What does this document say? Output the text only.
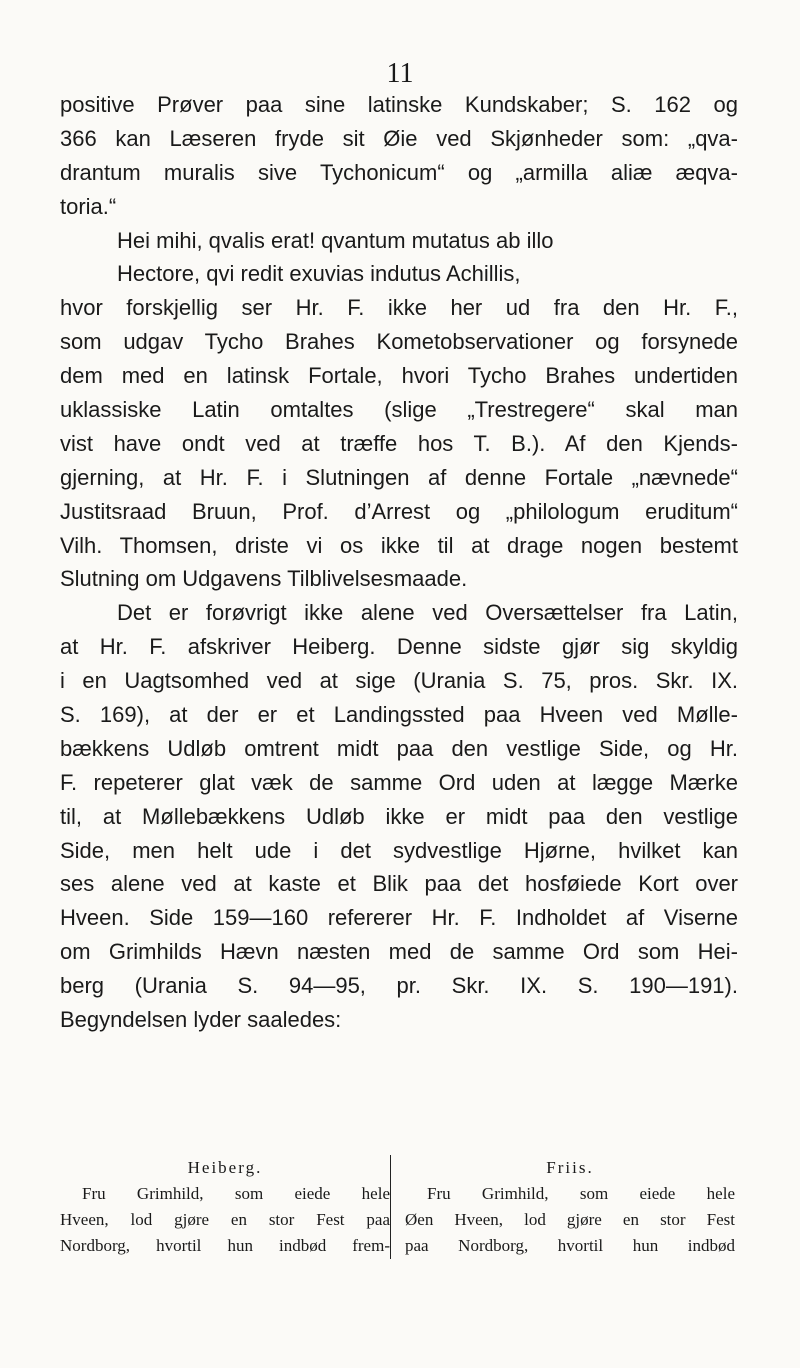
11
positive Prøver paa sine latinske Kundskaber; S. 162 og
366 kan Læseren fryde sit Øie ved Skjønheder som: „qva-
drantum muralis sive Tychonicum“ og „armilla aliæ æqva-
toria.“
Hei mihi, qvalis erat! qvantum mutatus ab illo
Hectore, qvi redit exuvias indutus Achillis,
hvor forskjellig ser Hr. F. ikke her ud fra den Hr. F.,
som udgav Tycho Brahes Kometobservationer og forsynede
dem med en latinsk Fortale, hvori Tycho Brahes undertiden
uklassiske Latin omtaltes (slige „Trestregere“ skal man
vist have ondt ved at træffe hos T. B.). Af den Kjends-
gjerning, at Hr. F. i Slutningen af denne Fortale „nævnede“
Justitsraad Bruun, Prof. d’Arrest og „philologum eruditum“
Vilh. Thomsen, driste vi os ikke til at drage nogen bestemt
Slutning om Udgavens Tilblivelsesmaade.
Det er forøvrigt ikke alene ved Oversættelser fra Latin,
at Hr. F. afskriver Heiberg. Denne sidste gjør sig skyldig
i en Uagtsomhed ved at sige (Urania S. 75, pros. Skr. IX.
S. 169), at der er et Landingssted paa Hveen ved Mølle-
bækkens Udløb omtrent midt paa den vestlige Side, og Hr.
F. repeterer glat væk de samme Ord uden at lægge Mærke
til, at Møllebækkens Udløb ikke er midt paa den vestlige
Side, men helt ude i det sydvestlige Hjørne, hvilket kan
ses alene ved at kaste et Blik paa det hosføiede Kort over
Hveen. Side 159—160 refererer Hr. F. Indholdet af Viserne
om Grimhilds Hævn næsten med de samme Ord som Hei-
berg (Urania S. 94—95, pr. Skr. IX. S. 190—191).
Begyndelsen lyder saaledes:
Heiberg.
Fru Grimhild, som eiede hele
Hveen, lod gjøre en stor Fest paa
Nordborg, hvortil hun indbød frem-
Friis.
Fru Grimhild, som eiede hele
Øen Hveen, lod gjøre en stor Fest
paa Nordborg, hvortil hun indbød
